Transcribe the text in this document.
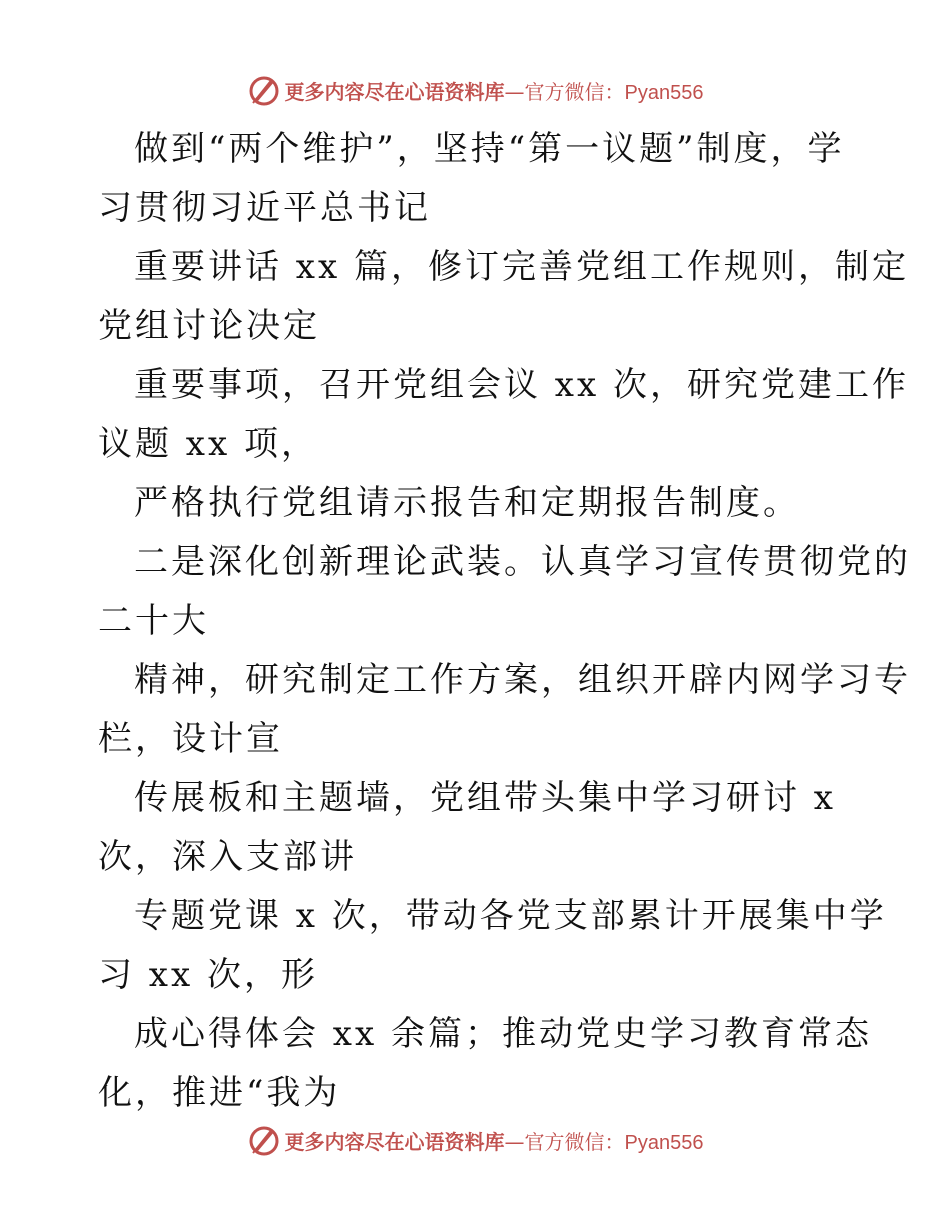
更多内容尽在心语资料库—官方微信：Pyan556
做到“两个维护”，坚持“第一议题”制度，学
习贯彻习近平总书记
重要讲话 xx 篇，修订完善党组工作规则，制定
党组讨论决定
重要事项，召开党组会议 xx 次，研究党建工作
议题 xx 项，
严格执行党组请示报告和定期报告制度。
二是深化创新理论武装。认真学习宣传贯彻党的
二十大
精神，研究制定工作方案，组织开辟内网学习专
栏，设计宣
传展板和主题墙，党组带头集中学习研讨 x
次，深入支部讲
专题党课 x 次，带动各党支部累计开展集中学
习 xx 次，形
成心得体会 xx 余篇；推动党史学习教育常态
化，推进“我为
更多内容尽在心语资料库—官方微信：Pyan556
